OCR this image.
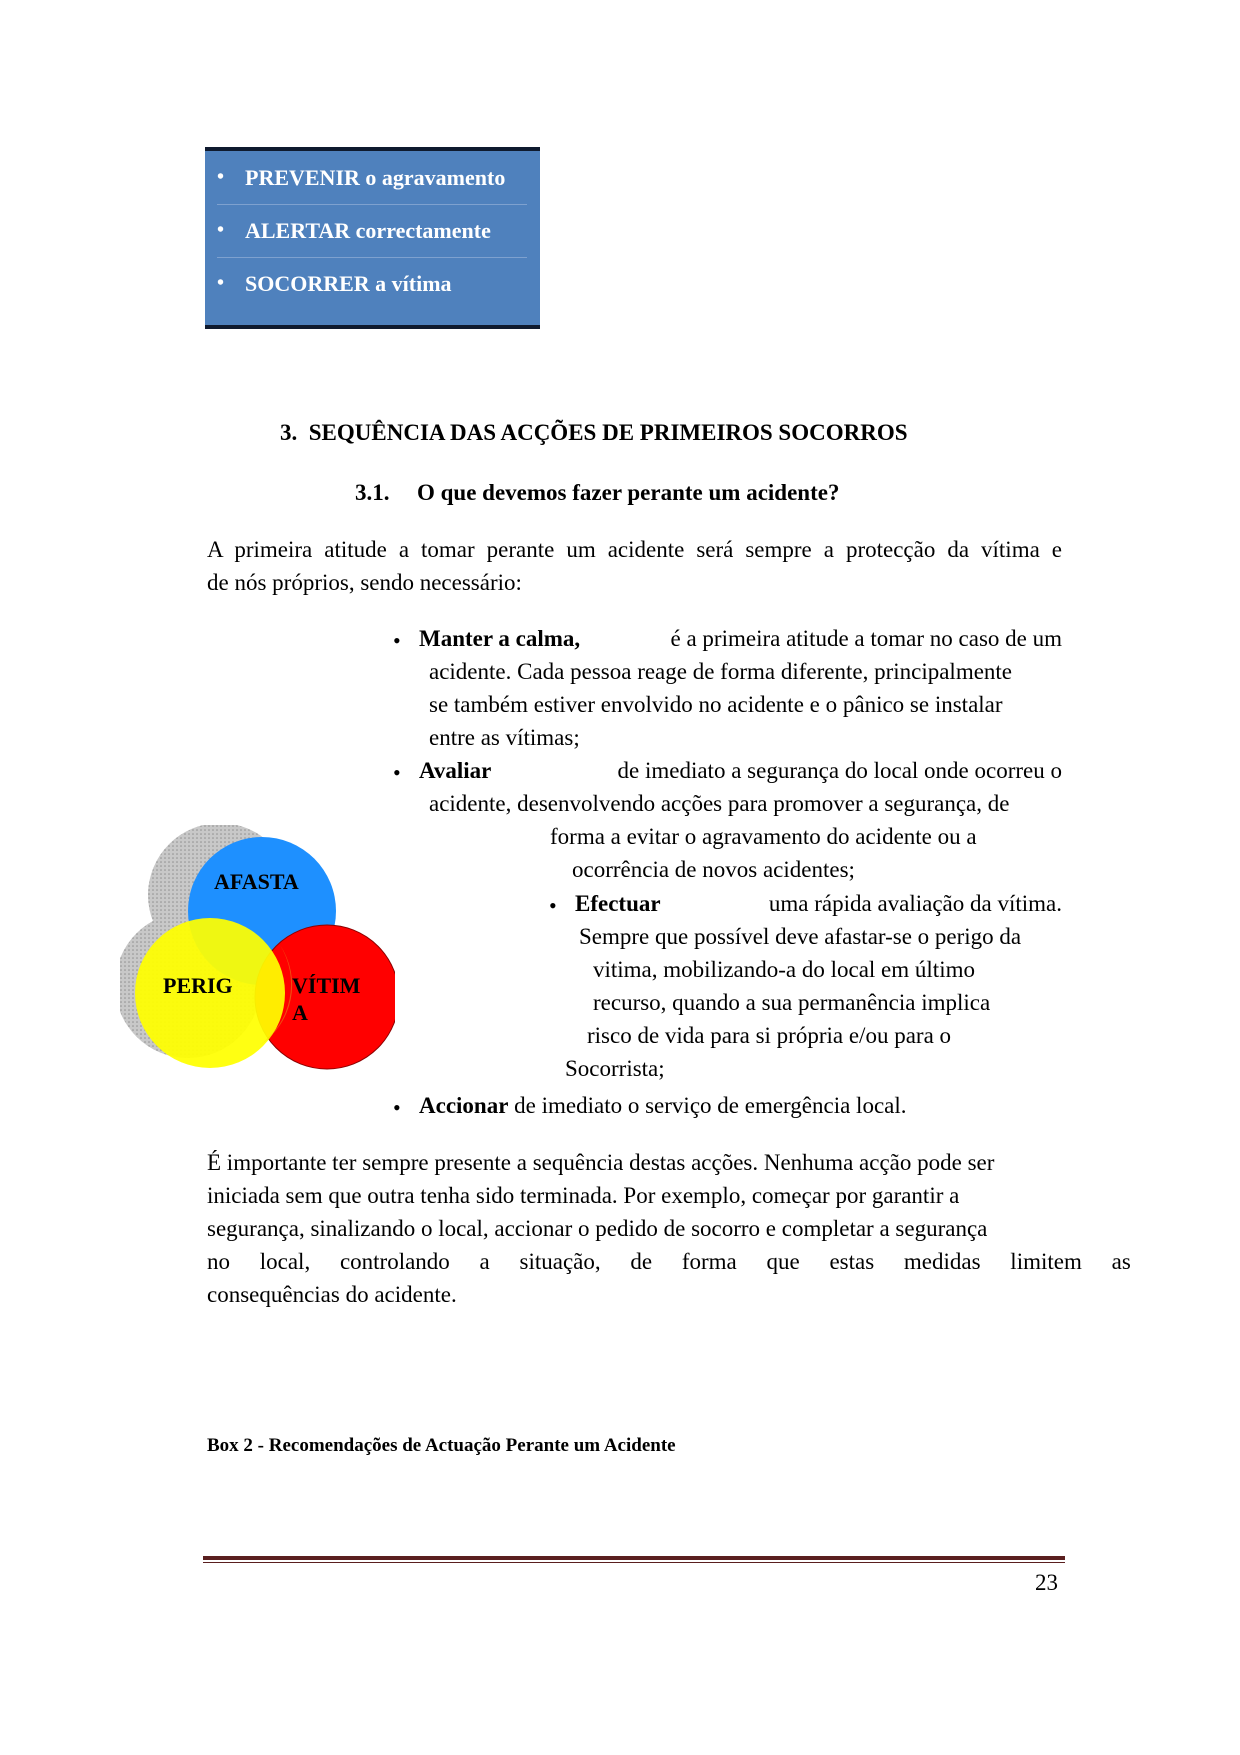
• PREVENIR o agravamento
• ALERTAR correctamente
• SOCORRER a vítima
3. SEQUÊNCIA DAS ACÇÕES DE PRIMEIROS SOCORROS
3.1. O que devemos fazer perante um acidente?
A primeira atitude a tomar perante um acidente será sempre a protecção da vítima e
de nós próprios, sendo necessário:
• Manter a calma,	é a primeira atitude a tomar no caso de um
acidente. Cada pessoa reage de forma diferente, principalmente
se também estiver envolvido no acidente e o pânico se instalar
entre as vítimas;
• Avaliar	de imediato a segurança do local onde ocorreu o
acidente, desenvolvendo acções para promover a segurança, de
forma a evitar o agravamento do acidente ou a
ocorrência de novos acidentes;
• Efectuar	uma rápida avaliação da vítima.
Sempre que possível deve afastar-se o perigo da
vitima, mobilizando-a do local em último
recurso, quando a sua permanência implica
risco de vida para si própria e/ou para o
Socorrista;
• Accionar de imediato o serviço de emergência local.
AFASTA
PERIG	VÍTIM
A
É importante ter sempre presente a sequência destas acções. Nenhuma acção pode ser
iniciada sem que outra tenha sido terminada. Por exemplo, começar por garantir a
segurança, sinalizando o local, accionar o pedido de socorro e completar a segurança
no local, controlando a situação, de forma que estas medidas limitem as
consequências do acidente.
Box 2 - Recomendações de Actuação Perante um Acidente
23
